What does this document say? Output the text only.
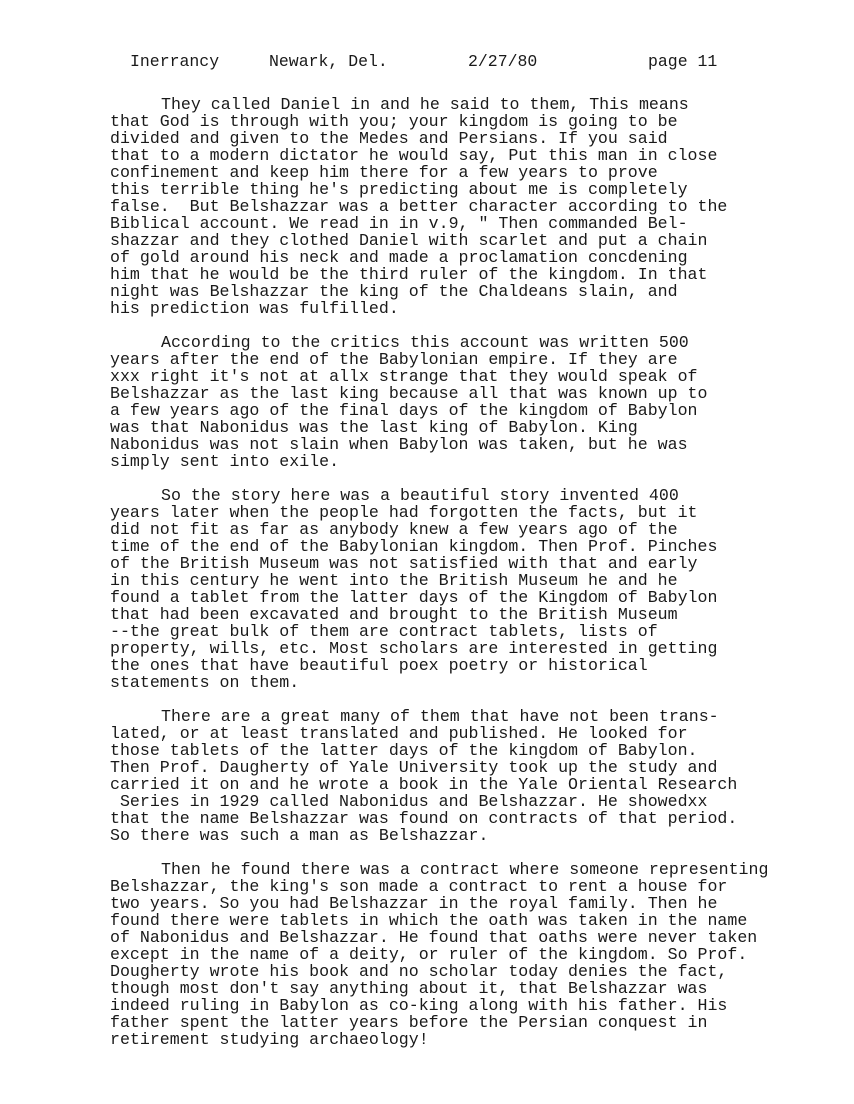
Inerrancy	Newark, Del.	2/27/80	page 11
They called Daniel in and he said to them, This means
that God is through with you; your kingdom is going to be
divided and given to the Medes and Persians. If you said
that to a modern dictator he would say, Put this man in close
confinement and keep him there for a few years to prove
this terrible thing he's predicting about me is completely
false.  But Belshazzar was a better character according to the
Biblical account. We read in in v.9, " Then commanded Bel-
shazzar and they clothed Daniel with scarlet and put a chain
of gold around his neck and made a proclamation concdening
him that he would be the third ruler of the kingdom. In that
night was Belshazzar the king of the Chaldeans slain, and
his prediction was fulfilled.
According to the critics this account was written 500
years after the end of the Babylonian empire. If they are
xxx right it's not at allx strange that they would speak of
Belshazzar as the last king because all that was known up to
a few years ago of the final days of the kingdom of Babylon
was that Nabonidus was the last king of Babylon. King
Nabonidus was not slain when Babylon was taken, but he was
simply sent into exile.
So the story here was a beautiful story invented 400
years later when the people had forgotten the facts, but it
did not fit as far as anybody knew a few years ago of the
time of the end of the Babylonian kingdom. Then Prof. Pinches
of the British Museum was not satisfied with that and early
in this century he went into the British Museum he and he
found a tablet from the latter days of the Kingdom of Babylon
that had been excavated and brought to the British Museum
--the great bulk of them are contract tablets, lists of
property, wills, etc. Most scholars are interested in getting
the ones that have beautiful poex poetry or historical
statements on them.
There are a great many of them that have not been trans-
lated, or at least translated and published. He looked for
those tablets of the latter days of the kingdom of Babylon.
Then Prof. Daugherty of Yale University took up the study and
carried it on and he wrote a book in the Yale Oriental Research
Series in 1929 called Nabonidus and Belshazzar. He showedxx
that the name Belshazzar was found on contracts of that period.
So there was such a man as Belshazzar.
Then he found there was a contract where someone representing
Belshazzar, the king's son made a contract to rent a house for
two years. So you had Belshazzar in the royal family. Then he
found there were tablets in which the oath was taken in the name
of Nabonidus and Belshazzar. He found that oaths were never taken
except in the name of a deity, or ruler of the kingdom. So Prof.
Dougherty wrote his book and no scholar today denies the fact,
though most don't say anything about it, that Belshazzar was
indeed ruling in Babylon as co-king along with his father. His
father spent the latter years before the Persian conquest in
retirement studying archaeology!
